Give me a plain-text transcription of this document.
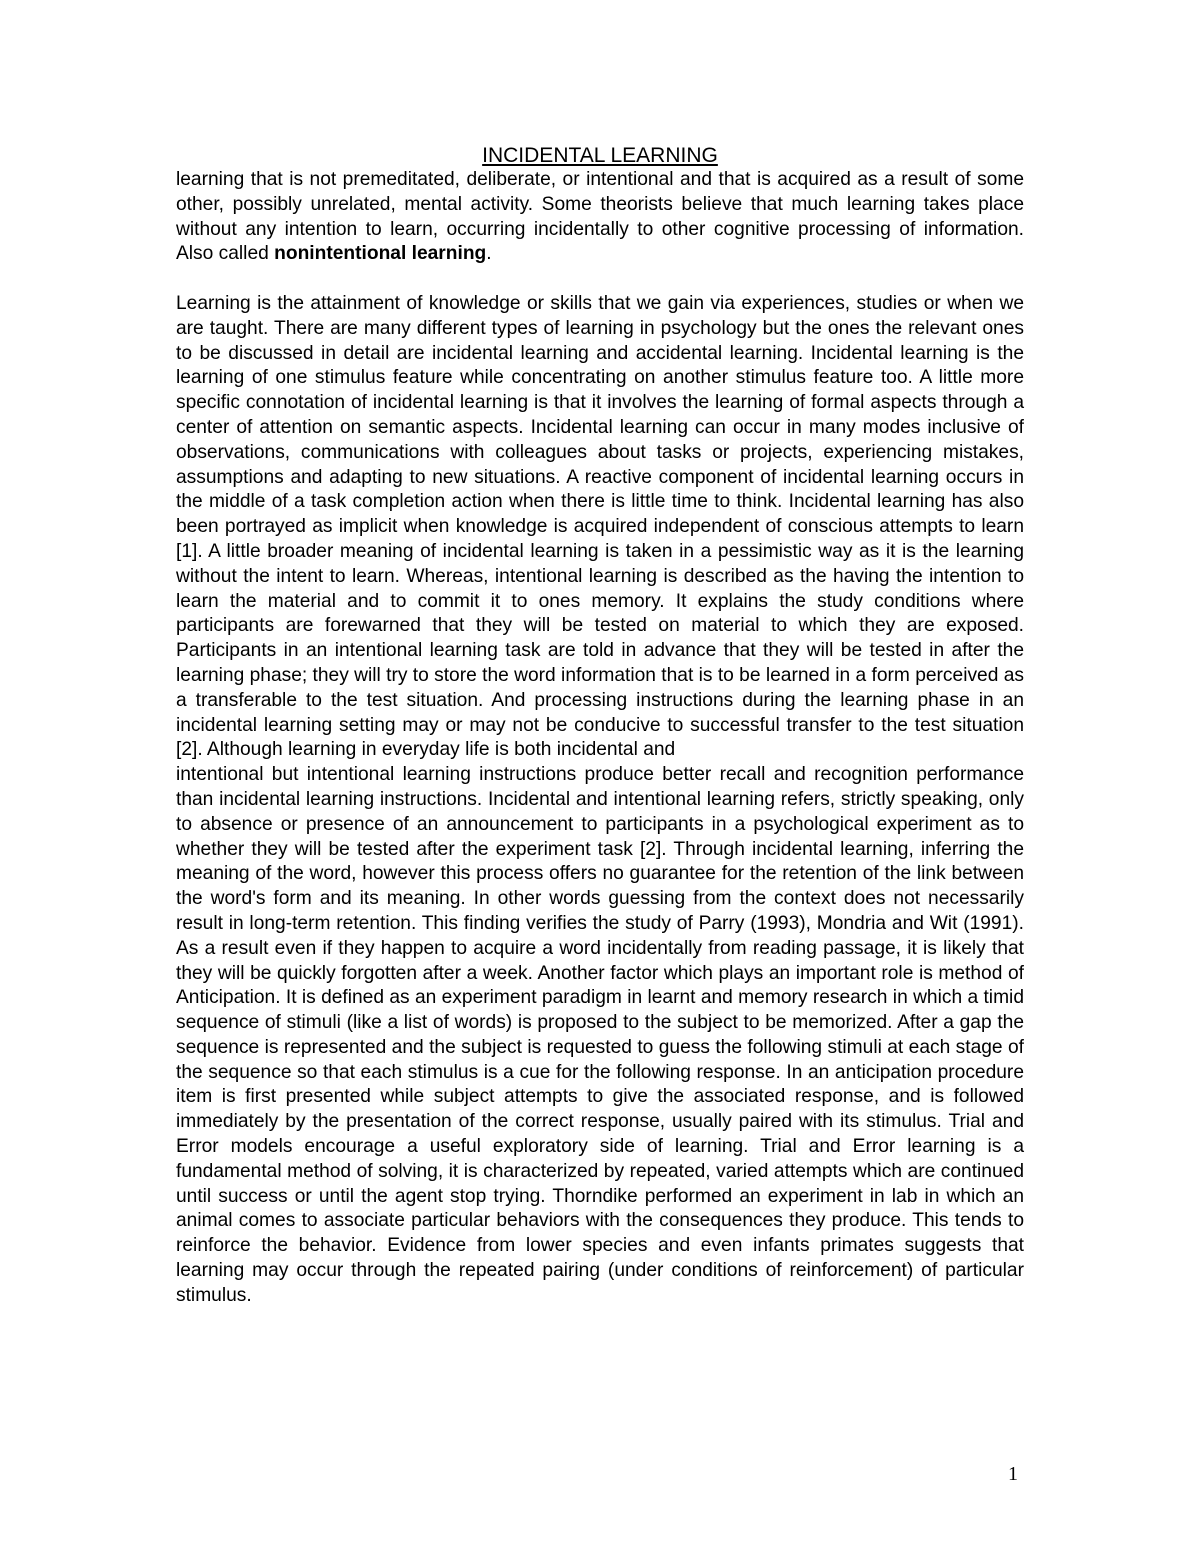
INCIDENTAL LEARNING

learning that is not premeditated, deliberate, or intentional and that is acquired as a result of some other, possibly unrelated, mental activity. Some theorists believe that much learning takes place without any intention to learn, occurring incidentally to other cognitive processing of information. Also called nonintentional learning.

Learning is the attainment of knowledge or skills that we gain via experiences, studies or when we are taught. There are many different types of learning in psychology but the ones the relevant ones to be discussed in detail are incidental learning and accidental learning. Incidental learning is the learning of one stimulus feature while concentrating on another stimulus feature too. A little more specific connotation of incidental learning is that it involves the learning of formal aspects through a center of attention on semantic aspects. Incidental learning can occur in many modes inclusive of observations, communications with colleagues about tasks or projects, experiencing mistakes, assumptions and adapting to new situations. A reactive component of incidental learning occurs in the middle of a task completion action when there is little time to think. Incidental learning has also been portrayed as implicit when knowledge is acquired independent of conscious attempts to learn [1]. A little broader meaning of incidental learning is taken in a pessimistic way as it is the learning without the intent to learn. Whereas, intentional learning is described as the having the intention to learn the material and to commit it to ones memory. It explains the study conditions where participants are forewarned that they will be tested on material to which they are exposed. Participants in an intentional learning task are told in advance that they will be tested in after the learning phase; they will try to store the word information that is to be learned in a form perceived as a transferable to the test situation. And processing instructions during the learning phase in an incidental learning setting may or may not be conducive to successful transfer to the test situation [2]. Although learning in everyday life is both incidental and

intentional but intentional learning instructions produce better recall and recognition performance than incidental learning instructions. Incidental and intentional learning refers, strictly speaking, only to absence or presence of an announcement to participants in a psychological experiment as to whether they will be tested after the experiment task [2]. Through incidental learning, inferring the meaning of the word, however this process offers no guarantee for the retention of the link between the word's form and its meaning. In other words guessing from the context does not necessarily result in long-term retention. This finding verifies the study of Parry (1993), Mondria and Wit (1991). As a result even if they happen to acquire a word incidentally from reading passage, it is likely that they will be quickly forgotten after a week. Another factor which plays an important role is method of Anticipation. It is defined as an experiment paradigm in learnt and memory research in which a timid sequence of stimuli (like a list of words) is proposed to the subject to be memorized. After a gap the sequence is represented and the subject is requested to guess the following stimuli at each stage of the sequence so that each stimulus is a cue for the following response. In an anticipation procedure item is first presented while subject attempts to give the associated response, and is followed immediately by the presentation of the correct response, usually paired with its stimulus. Trial and Error models encourage a useful exploratory side of learning. Trial and Error learning is a fundamental method of solving, it is characterized by repeated, varied attempts which are continued until success or until the agent stop trying. Thorndike performed an experiment in lab in which an animal comes to associate particular behaviors with the consequences they produce. This tends to reinforce the behavior. Evidence from lower species and even infants primates suggests that learning may occur through the repeated pairing (under conditions of reinforcement) of particular stimulus.

1
